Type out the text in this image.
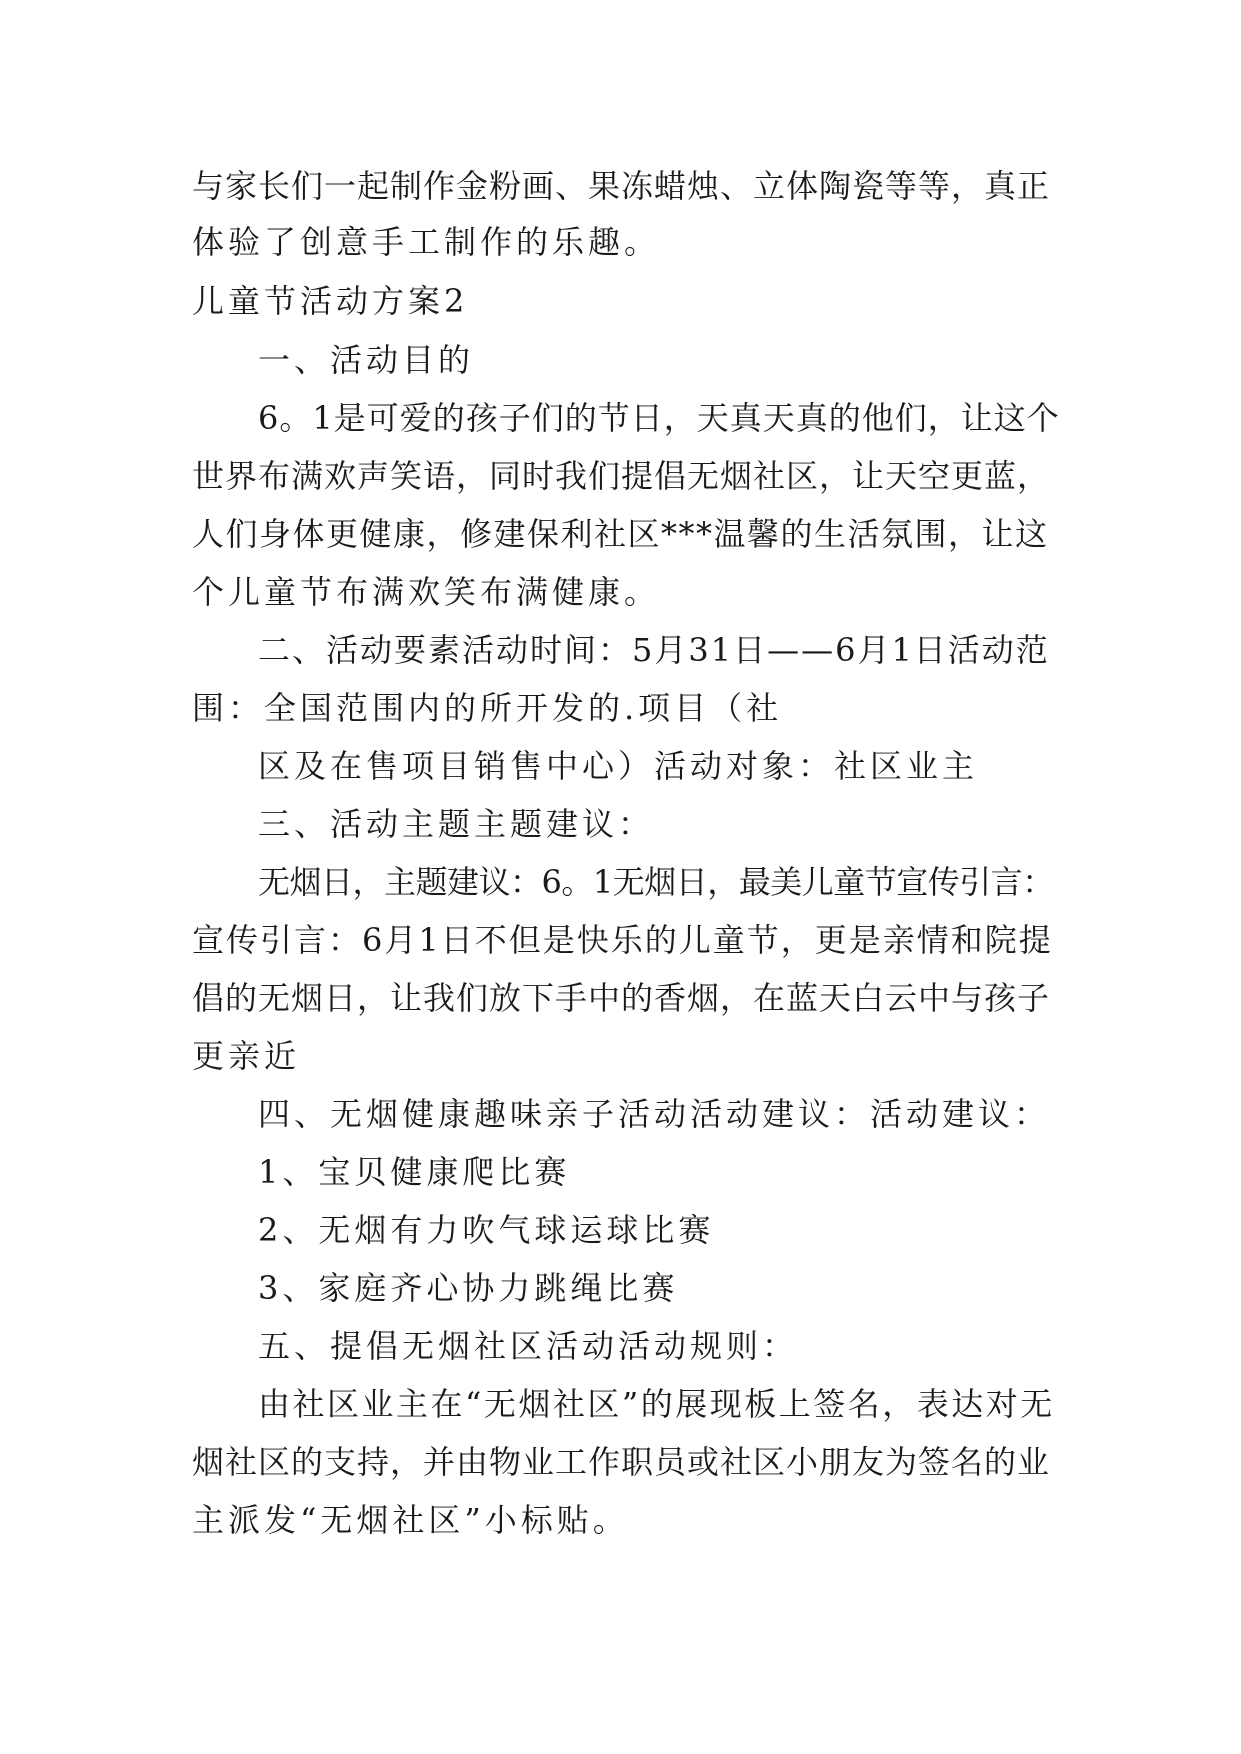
与家长们一起制作金粉画、果冻蜡烛、立体陶瓷等等，真正
体验了创意手工制作的乐趣。
儿童节活动方案2
一、活动目的
6。1是可爱的孩子们的节日，天真天真的他们，让这个
世界布满欢声笑语，同时我们提倡无烟社区，让天空更蓝，
人们身体更健康，修建保利社区***温馨的生活氛围，让这
个儿童节布满欢笑布满健康。
二、活动要素活动时间：5月31日——6月1日活动范
围：全国范围内的所开发的.项目（社
区及在售项目销售中心）活动对象：社区业主
三、活动主题主题建议：
无烟日，主题建议：6。1无烟日，最美儿童节宣传引言：
宣传引言：6月1日不但是快乐的儿童节，更是亲情和院提
倡的无烟日，让我们放下手中的香烟，在蓝天白云中与孩子
更亲近
四、无烟健康趣味亲子活动活动建议：活动建议：
1、宝贝健康爬比赛
2、无烟有力吹气球运球比赛
3、家庭齐心协力跳绳比赛
五、提倡无烟社区活动活动规则：
由社区业主在“无烟社区”的展现板上签名，表达对无
烟社区的支持，并由物业工作职员或社区小朋友为签名的业
主派发“无烟社区”小标贴。
